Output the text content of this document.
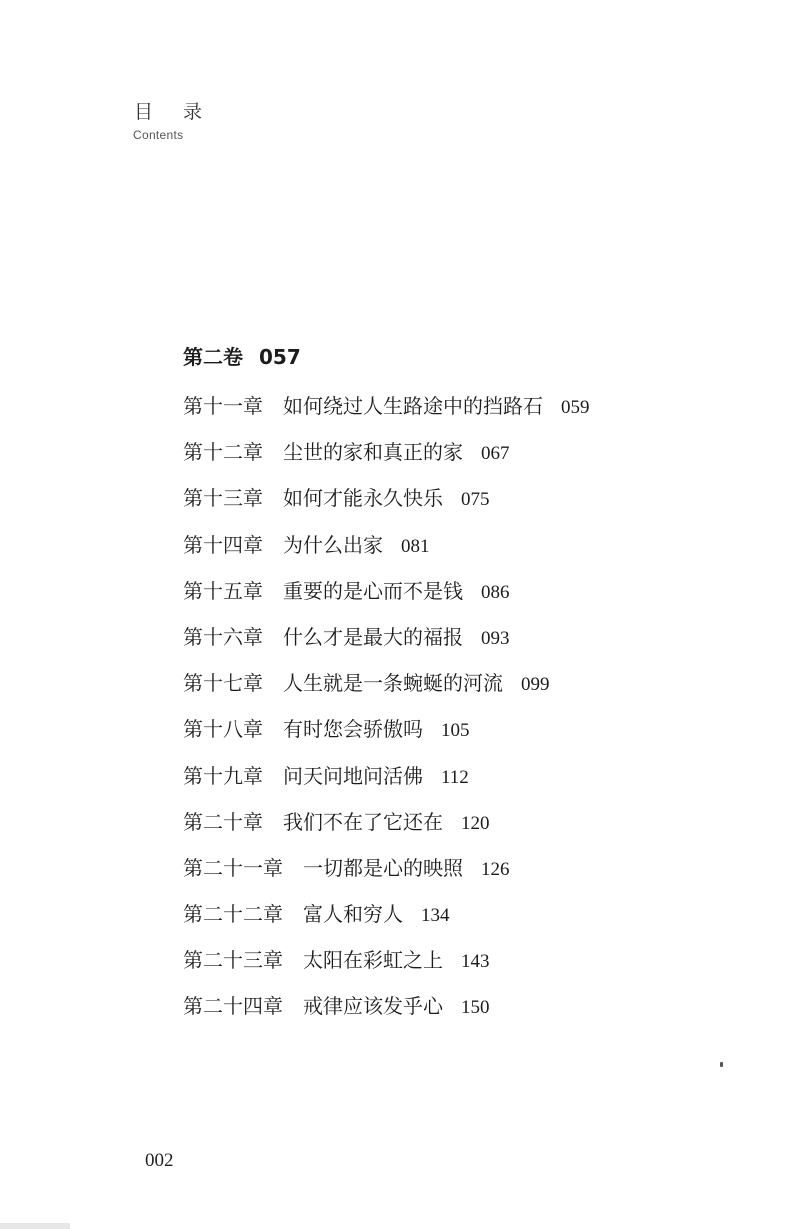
目 录
Contents
第二卷 057
第十一章 如何绕过人生路途中的挡路石 059
第十二章 尘世的家和真正的家 067
第十三章 如何才能永久快乐 075
第十四章 为什么出家 081
第十五章 重要的是心而不是钱 086
第十六章 什么才是最大的福报 093
第十七章 人生就是一条蜿蜒的河流 099
第十八章 有时您会骄傲吗 105
第十九章 问天问地问活佛 112
第二十章 我们不在了它还在 120
第二十一章 一切都是心的映照 126
第二十二章 富人和穷人 134
第二十三章 太阳在彩虹之上 143
第二十四章 戒律应该发乎心 150
002
